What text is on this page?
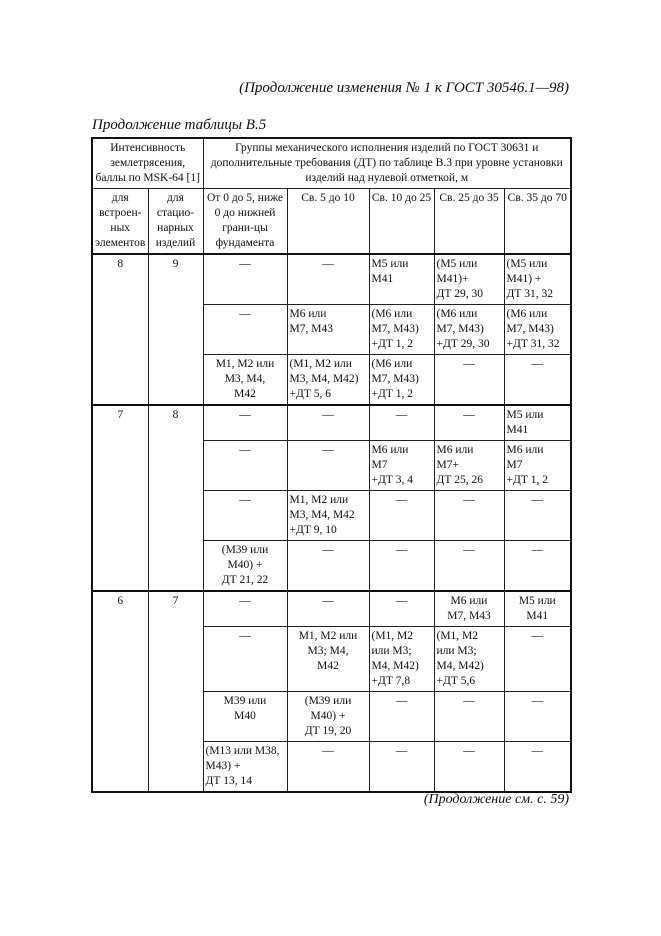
(Продолжение изменения № 1 к ГОСТ 30546.1—98)
Продолжение таблицы В.5
Интенсивность землетрясения, баллы по MSK-64 [1]		Группы механического исполнения изделий по ГОСТ 30631 и дополнительные требования (ДТ) по таблице В.3 при уровне установки изделий над нулевой отметкой, м				
для встроен-ных элементов	для стацио-нарных изделий	От 0 до 5, ниже 0 до нижней грани-цы фундамента	Св. 5 до 10	Св. 10 до 25	Св. 25 до 35	Св. 35 до 70
8	9	—	—	М5 или
М41	(М5 или
М41)+
ДТ 29, 30	(М5 или
М41) +
ДТ 31, 32
		—	М6 или
М7, М43	(М6 или
М7, М43)
+ДТ 1, 2	(М6 или
М7, М43)
+ДТ 29, 30	(М6 или
М7, М43)
+ДТ 31, 32
		М1, М2 или
М3, М4,
М42	(М1, М2 или
М3, М4, М42)
+ДТ 5, 6	(М6 или
М7, М43)
+ДТ 1, 2	—	—
7	8	—	—	—	—	М5 или
М41
		—	—	М6 или
М7
+ДТ 3, 4	М6 или
М7+
ДТ 25, 26	М6 или
М7
+ДТ 1, 2
		—	М1, М2 или
М3, М4, М42
+ДТ 9, 10	—	—	—
		(М39 или
М40) +
ДТ 21, 22	—	—	—	—
6	7	—	—	—	М6 или
М7, М43	М5 или
М41
		—	М1, М2 или
М3; М4,
М42	(М1, М2
или М3;
М4, М42)
+ДТ 7,8	(М1, М2
или М3;
М4, М42)
+ДТ 5,6	—
		М39 или
М40	(М39 или
М40) +
ДТ 19, 20	—	—	—
		(М13 или М38,
М43) +
ДТ 13, 14	—	—	—	—
(Продолжение см. с. 59)
